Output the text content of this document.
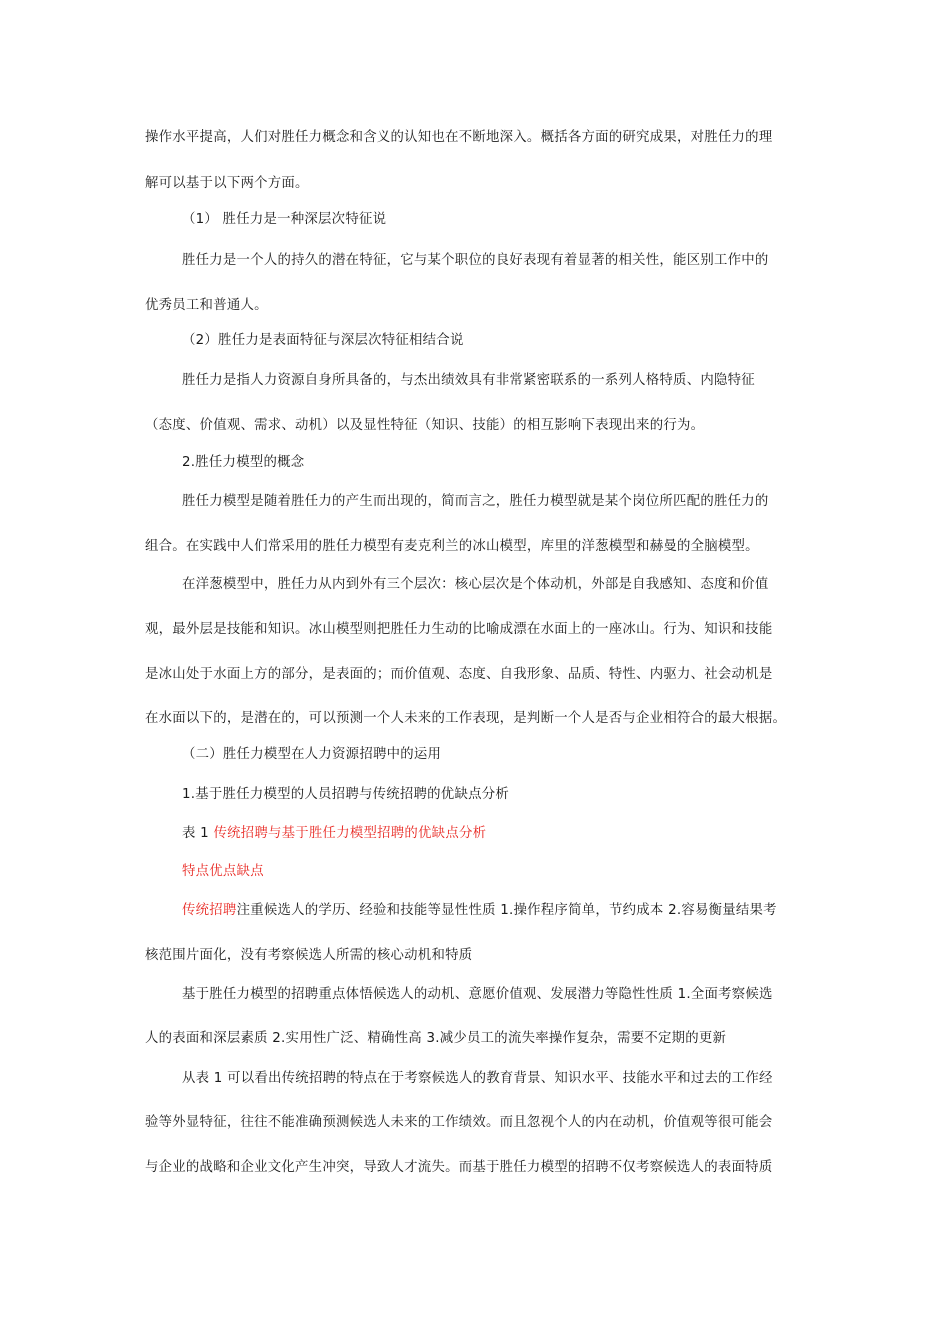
操作水平提高，人们对胜任力概念和含义的认知也在不断地深入。概括各方面的研究成果，对胜任力的理
解可以基于以下两个方面。
（1） 胜任力是一种深层次特征说
胜任力是一个人的持久的潜在特征，它与某个职位的良好表现有着显著的相关性，能区别工作中的
优秀员工和普通人。
（2）胜任力是表面特征与深层次特征相结合说
胜任力是指人力资源自身所具备的，与杰出绩效具有非常紧密联系的一系列人格特质、内隐特征
（态度、价值观、需求、动机）以及显性特征（知识、技能）的相互影响下表现出来的行为。
2.胜任力模型的概念
胜任力模型是随着胜任力的产生而出现的，简而言之，胜任力模型就是某个岗位所匹配的胜任力的
组合。在实践中人们常采用的胜任力模型有麦克利兰的冰山模型，库里的洋葱模型和赫曼的全脑模型。
在洋葱模型中，胜任力从内到外有三个层次：核心层次是个体动机，外部是自我感知、态度和价值
观，最外层是技能和知识。冰山模型则把胜任力生动的比喻成漂在水面上的一座冰山。行为、知识和技能
是冰山处于水面上方的部分，是表面的；而价值观、态度、自我形象、品质、特性、内驱力、社会动机是
在水面以下的，是潜在的，可以预测一个人未来的工作表现，是判断一个人是否与企业相符合的最大根据。
（二）胜任力模型在人力资源招聘中的运用
1.基于胜任力模型的人员招聘与传统招聘的优缺点分析
表 1 传统招聘与基于胜任力模型招聘的优缺点分析
特点优点缺点
传统招聘注重候选人的学历、经验和技能等显性性质 1.操作程序简单，节约成本 2.容易衡量结果考
核范围片面化，没有考察候选人所需的核心动机和特质
基于胜任力模型的招聘重点体悟候选人的动机、意愿价值观、发展潜力等隐性性质 1.全面考察候选
人的表面和深层素质 2.实用性广泛、精确性高 3.减少员工的流失率操作复杂，需要不定期的更新
从表 1 可以看出传统招聘的特点在于考察候选人的教育背景、知识水平、技能水平和过去的工作经
验等外显特征，往往不能准确预测候选人未来的工作绩效。而且忽视个人的内在动机，价值观等很可能会
与企业的战略和企业文化产生冲突，导致人才流失。而基于胜任力模型的招聘不仅考察候选人的表面特质
